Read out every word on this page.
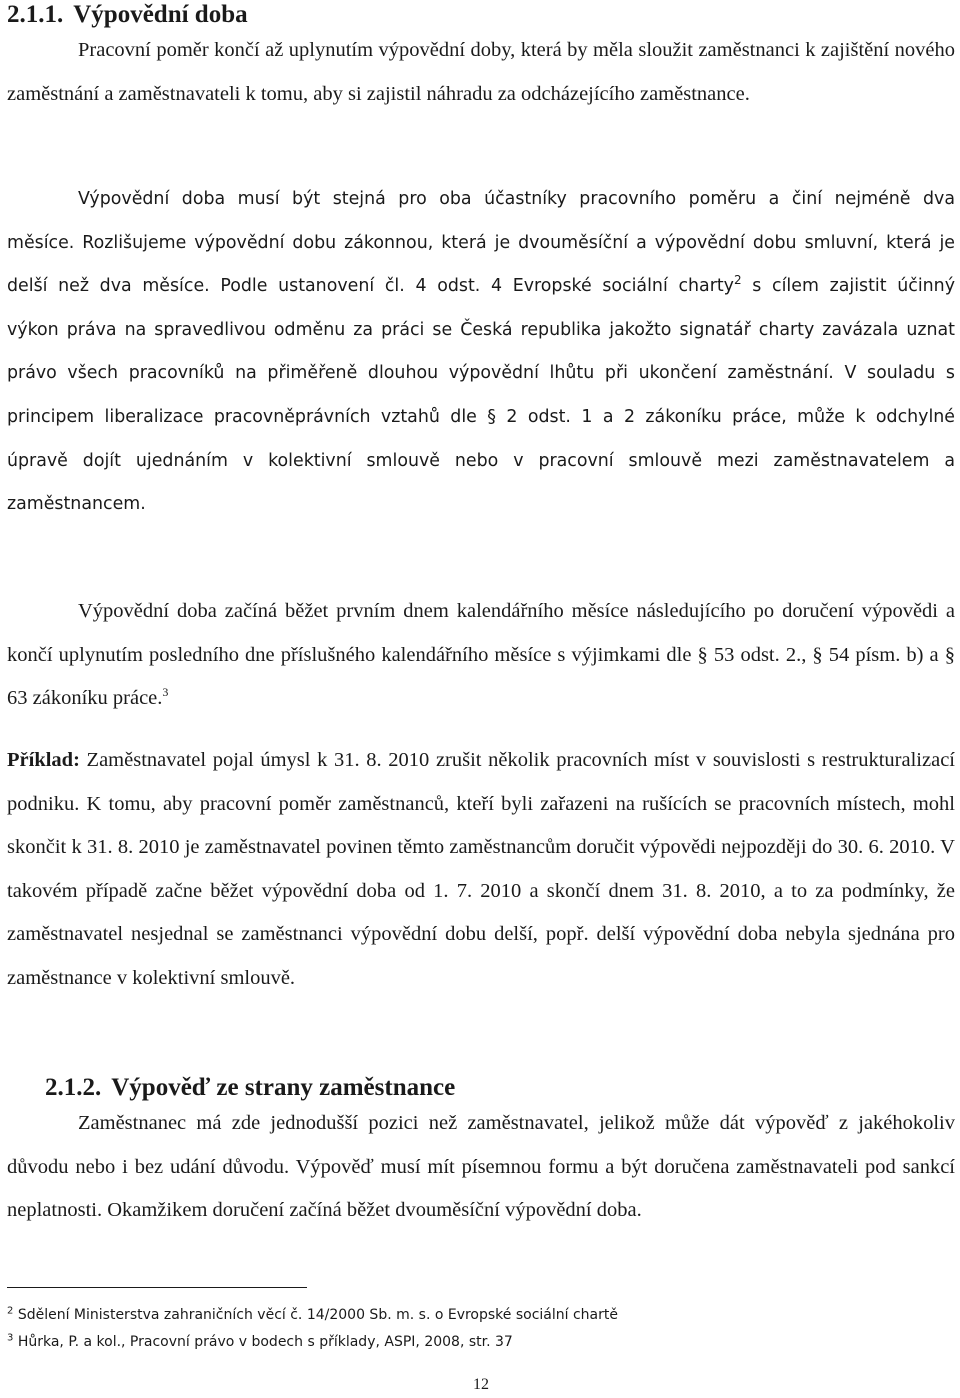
2.1.1. Výpovědní doba

Pracovní poměr končí až uplynutím výpovědní doby, která by měla sloužit zaměstnanci k zajištění nového zaměstnání a zaměstnavateli k tomu, aby si zajistil náhradu za odcházejícího zaměstnance.

Výpovědní doba musí být stejná pro oba účastníky pracovního poměru a činí nejméně dva měsíce. Rozlišujeme výpovědní dobu zákonnou, která je dvouměsíční a výpovědní dobu smluvní, která je delší než dva měsíce. Podle ustanovení čl. 4 odst. 4 Evropské sociální charty$^2$ s cílem zajistit účinný výkon práva na spravedlivou odměnu za práci se Česká republika jakožto signatář charty zavázala uznat právo všech pracovníků na přiměřeně dlouhou výpovědní lhůtu při ukončení zaměstnání. V souladu s principem liberalizace pracovněprávních vztahů dle § 2 odst. 1 a 2 zákoníku práce, může k odchylné úpravě dojít ujednáním v kolektivní smlouvě nebo v pracovní smlouvě mezi zaměstnavatelem a zaměstnancem.

Výpovědní doba začíná běžet prvním dnem kalendářního měsíce následujícího po doručení výpovědi a končí uplynutím posledního dne příslušného kalendářního měsíce s výjimkami dle § 53 odst. 2., § 54 písm. b) a § 63 zákoníku práce.$^3$

Příklad: Zaměstnavatel pojal úmysl k 31. 8. 2010 zrušit několik pracovních míst v souvislosti s restrukturalizací podniku. K tomu, aby pracovní poměr zaměstnanců, kteří byli zařazeni na rušících se pracovních místech, mohl skončit k 31. 8. 2010 je zaměstnavatel povinen těmto zaměstnancům doručit výpovědi nejpozději do 30. 6. 2010. V takovém případě začne běžet výpovědní doba od 1. 7. 2010 a skončí dnem 31. 8. 2010, a to za podmínky, že zaměstnavatel nesjednal se zaměstnanci výpovědní dobu delší, popř. delší výpovědní doba nebyla sjednána pro zaměstnance v kolektivní smlouvě.

2.1.2. Výpověď ze strany zaměstnance

Zaměstnanec má zde jednodušší pozici než zaměstnavatel, jelikož může dát výpověď z jakéhokoliv důvodu nebo i bez udání důvodu. Výpověď musí mít písemnou formu a být doručena zaměstnavateli pod sankcí neplatnosti. Okamžikem doručení začíná běžet dvouměsíční výpovědní doba.

$^2$ Sdělení Ministerstva zahraničních věcí č. 14/2000 Sb. m. s. o Evropské sociální chartě
$^3$ Hůrka, P. a kol., Pracovní právo v bodech s příklady, ASPI, 2008, str. 37
12
